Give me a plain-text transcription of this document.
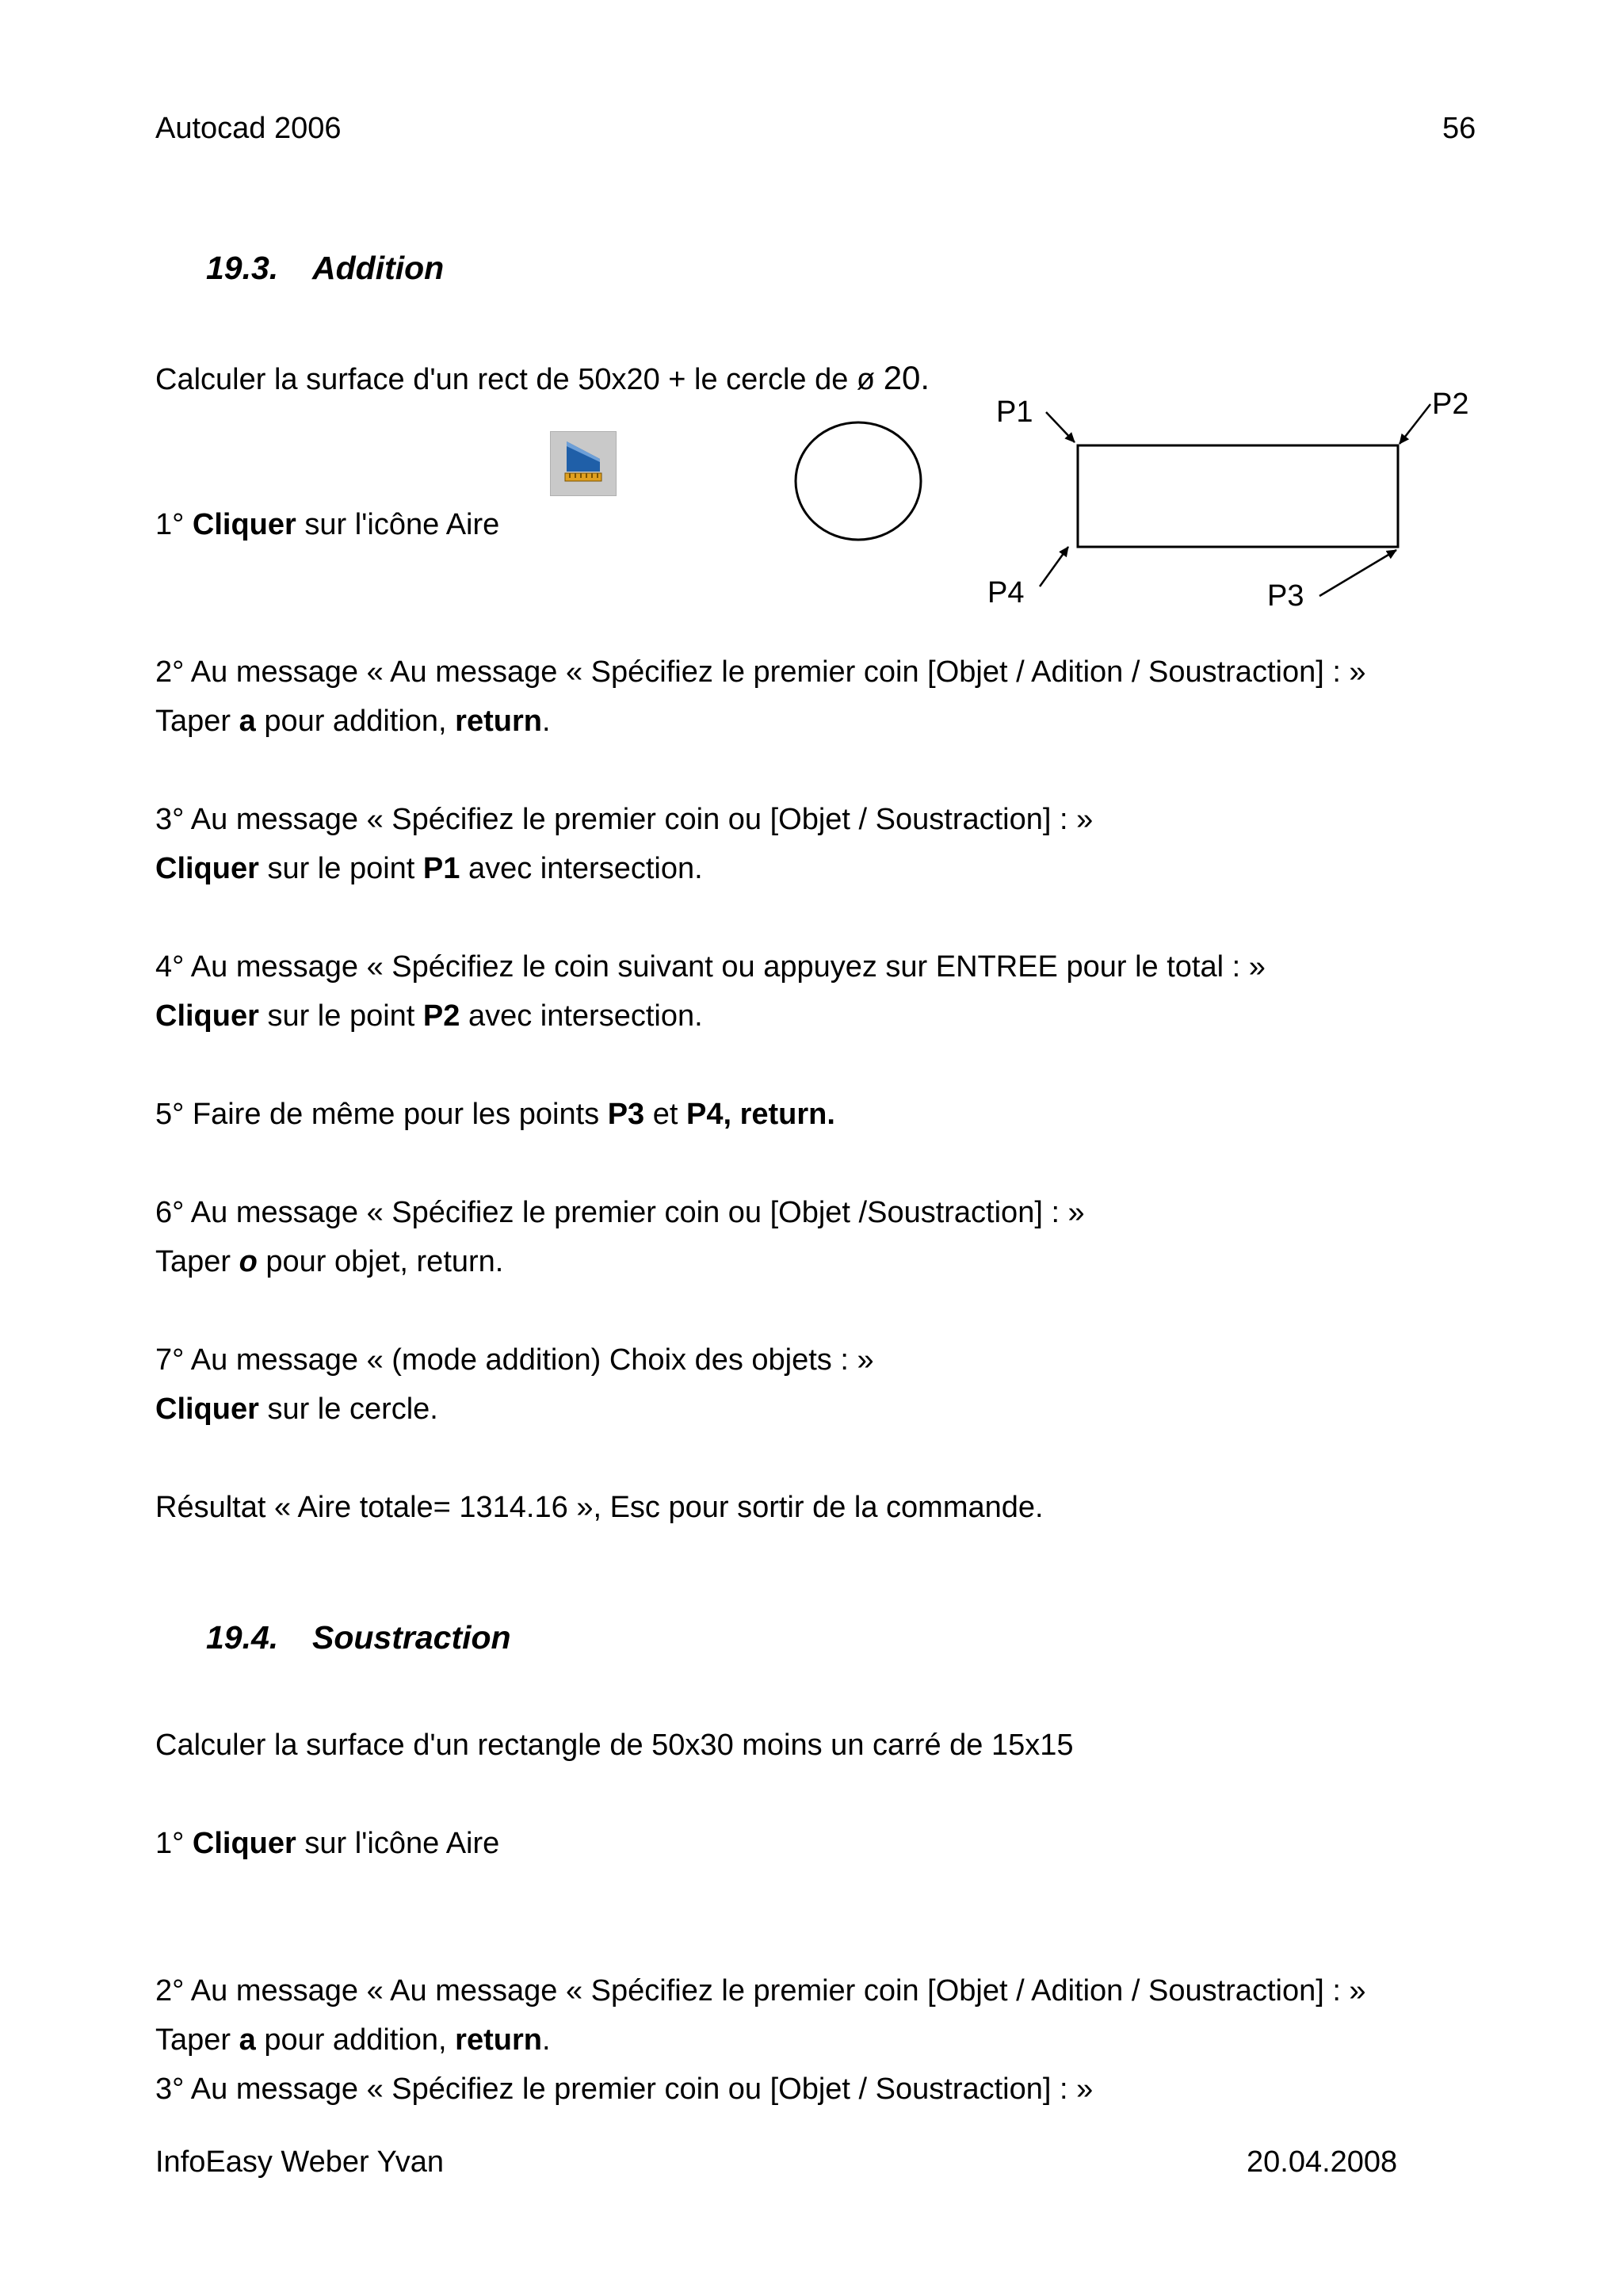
Autocad 2006	56
19.3. Addition
Calculer la surface d'un rect de 50x20 + le cercle de ø 20.
P1	P2
P3
P4
1° Cliquer sur l'icône Aire
2° Au message « Au message « Spécifiez le premier coin [Objet / Adition / Soustraction] : »
Taper a pour addition, return.
3° Au message « Spécifiez le premier coin ou [Objet / Soustraction] : »
Cliquer sur le point P1 avec intersection.
4° Au message « Spécifiez le coin suivant ou appuyez sur ENTREE pour le total : »
Cliquer sur le point P2 avec intersection.
5° Faire de même pour les points P3 et P4, return.
6° Au message « Spécifiez le premier coin ou [Objet /Soustraction] : »
Taper o pour objet, return.
7° Au message « (mode addition) Choix des objets : »
Cliquer sur le cercle.
Résultat « Aire totale= 1314.16 », Esc pour sortir de la commande.
19.4. Soustraction
Calculer la surface d'un rectangle de 50x30 moins un carré de 15x15
1° Cliquer sur l'icône Aire
2° Au message « Au message « Spécifiez le premier coin [Objet / Adition / Soustraction] : »
Taper a pour addition, return.
3° Au message « Spécifiez le premier coin ou [Objet / Soustraction] : »
InfoEasy Weber Yvan	20.04.2008
